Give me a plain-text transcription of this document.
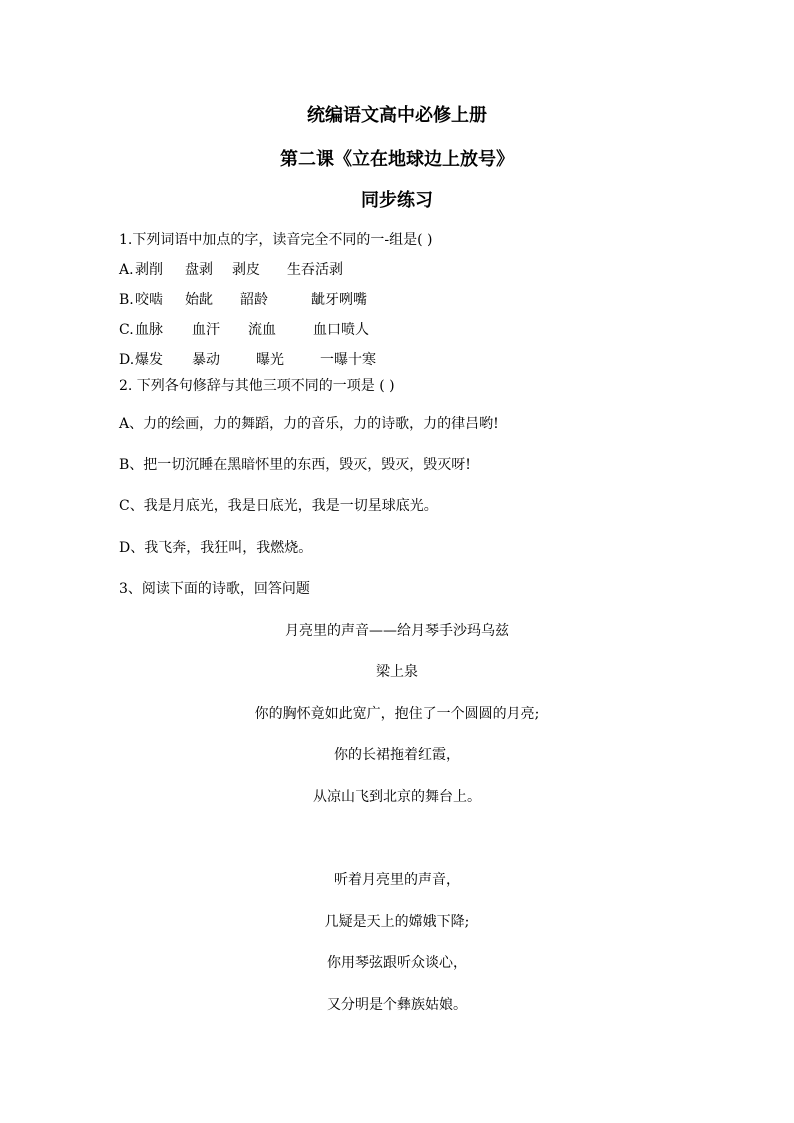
统编语文高中必修上册
第二课《立在地球边上放号》
同步练习
1.下列词语中加点的字，读音完全不同的一-组是( )
A. 剥削 盘剥 剥皮 生吞活剥
B. 咬啮 始龀 韶龄	龇牙咧嘴
C. 血脉 血汗 流血	血口喷人
D. 爆发 暴动	曝光	一曝十寒
2. 下列各句修辞与其他三项不同的一项是 ( )
A、力的绘画，力的舞蹈，力的音乐，力的诗歌，力的律吕哟!
B、把一切沉睡在黑暗怀里的东西，毁灭，毁灭，毁灭呀!
C、我是月底光，我是日底光，我是一切星球底光。
D、我飞奔，我狂叫，我燃烧。
3、阅读下面的诗歌，回答问题
月亮里的声音——给月琴手沙玛乌兹
梁上泉
你的胸怀竟如此宽广，抱住了一个圆圆的月亮;
你的长裙拖着红霞，
从凉山飞到北京的舞台上。
听着月亮里的声音，
几疑是天上的嫦娥下降;
你用琴弦跟听众谈心，
又分明是个彝族姑娘。
